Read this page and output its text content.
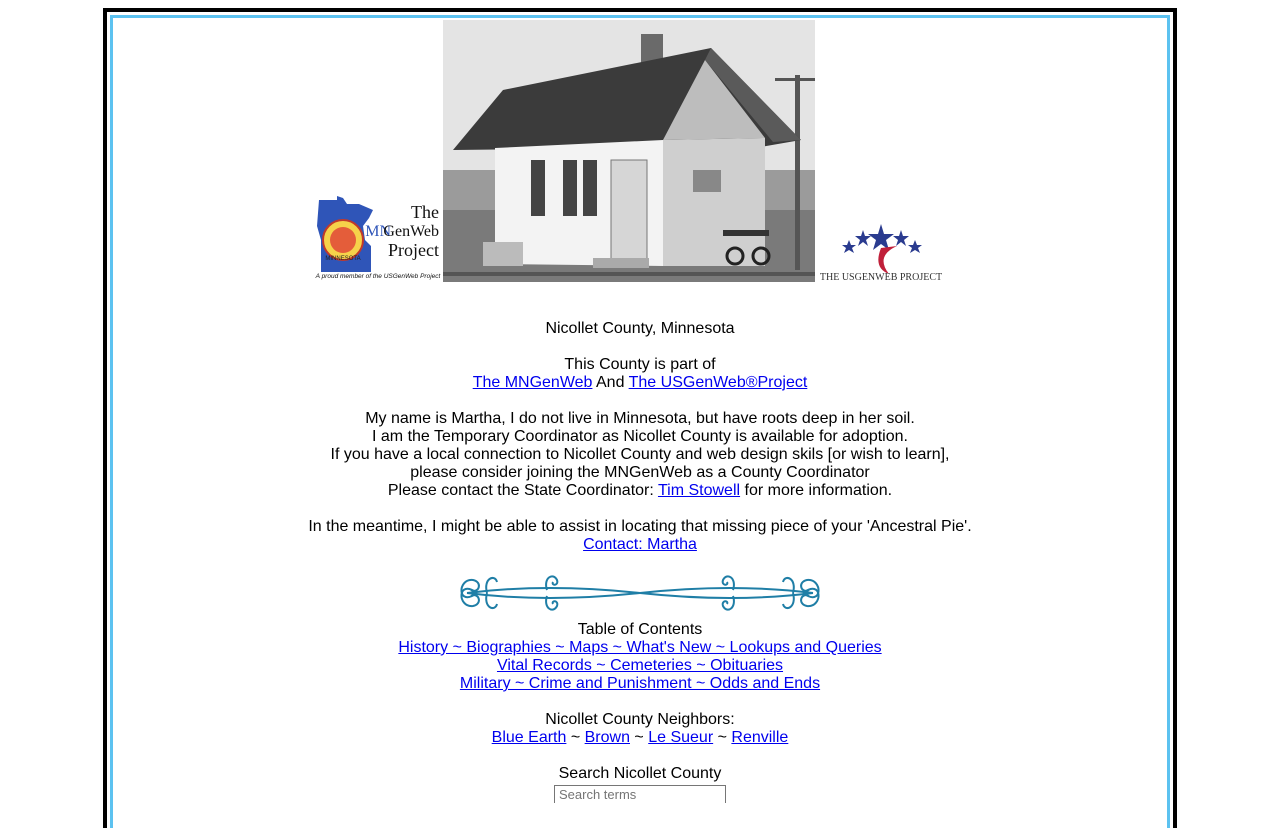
MINNESOTA
The
MN
GenWeb
Project
A proud member of the USGenWeb Project	THE USGENWEB PROJECT
Nicollet County, Minnesota
This County is part of
The MNGenWeb And The USGenWeb®Project
My name is Martha, I do not live in Minnesota, but have roots deep in her soil.
I am the Temporary Coordinator as Nicollet County is available for adoption.
If you have a local connection to Nicollet County and web design skils [or wish to learn],
please consider joining the MNGenWeb as a County Coordinator
Please contact the State Coordinator: Tim Stowell for more information.
In the meantime, I might be able to assist in locating that missing piece of your 'Ancestral Pie'.
Contact: Martha
Table of Contents
History ~ Biographies ~ Maps ~ What's New ~ Lookups and Queries
Vital Records ~ Cemeteries ~ Obituaries
Military ~ Crime and Punishment ~ Odds and Ends
Nicollet County Neighbors:
Blue Earth ~ Brown ~ Le Sueur ~ Renville
Search Nicollet County
Search terms
